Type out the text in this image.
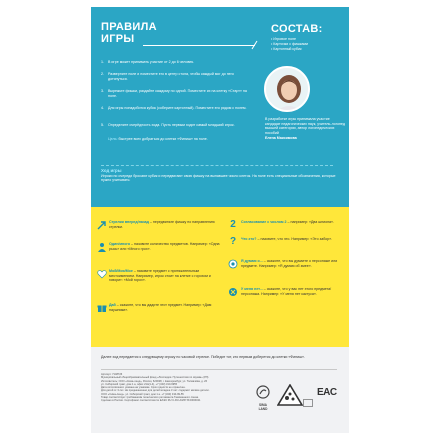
ПРАВИЛА
ИГРЫ
СОСТАВ:
• Игровое поле
• Карточки с фишками
• Картонный кубик
1.	В игре может принимать участие от 2 до 6 человек.
2.	Разверните поле и поместите его в центр стола, чтобы каждый мог до него дотянуться.
3.	Вырежьте фишки, раздайте каждому по одной. Поместите их на клетку «Старт» на поле.
4.	Для игры понадобится кубик (соберите картонный). Поместите его рядом с полем.
5.	Определите очерёдность хода. Пусть первым ходит самый младший игрок.
Цель: быстрее всех добраться до клетки «Финиш» на поле.
В разработке игры принимала участие кандидат педагогических наук, учитель-логопед высшей категории, автор логопедических пособий
Елена Максимова
Ход игры
Игроки по очереди бросают кубик и передвигают свою фишку на выпавшее число клеток. На поле есть специальные обозначения, которые нужно учитывать:
Стрелки вперед/назад – передвиньте фишку по направлению стрелки.
Один/много – назовите количество предметов. Например: «Одна рысь» или «Много грох».
Мой/Моя/Мое – назовите предмет с притяжательным местоимением. Например, игрок стоит на клетке с горохом и говорит: «Мой горох».
Дай – скажите, что вы дадите этот предмет. Например: «Дам наушники».
2	Согласование с числом 2 – например: «Два шпиона».
?	Что это? – назовите, что это. Например: «Это забор».
Я думаю о... – скажите, что вы думаете о персонаже или предмете. Например: «Я думаю об змее».
У меня нет... – скажите, что у вас нет этого предмета/персонажа. Например: «У меня нет кактуса».
Далее ход передается к следующему игроку по часовой стрелке. Победит тот, кто первым доберется до клетки «Финиш».
Артикул: 7148726
Муниципальный общеобразовательный фонд «Логопедия. Путешествия по звукам» (РЛ)
Изготовитель: ООО «Сима-ленд», Россия, 620028, г. Екатеринбург, ул. Толмачёва, д. 26
ул. Сибирский тракт, дом 1 а, офис 21А(1-4), +7 (343) 310-9955
Дата изготовления: указана на упаковке. Срок годности не ограничен.
Для детей от 3 лет. Не предназначено для детей младше 3 лет: содержит мелкие детали.
ООО «Сима-ленд». ул. Сибирский тракт, дом 1 а. +7 (343) 310-99-55
Товар соответствует требованиям технического регламента Таможенного союза.
Сделано в России. Сертификат соответствия № ЕАЭС RU С-RU.АЖ57.В.00000/21
SIMA
LAND
EAC
